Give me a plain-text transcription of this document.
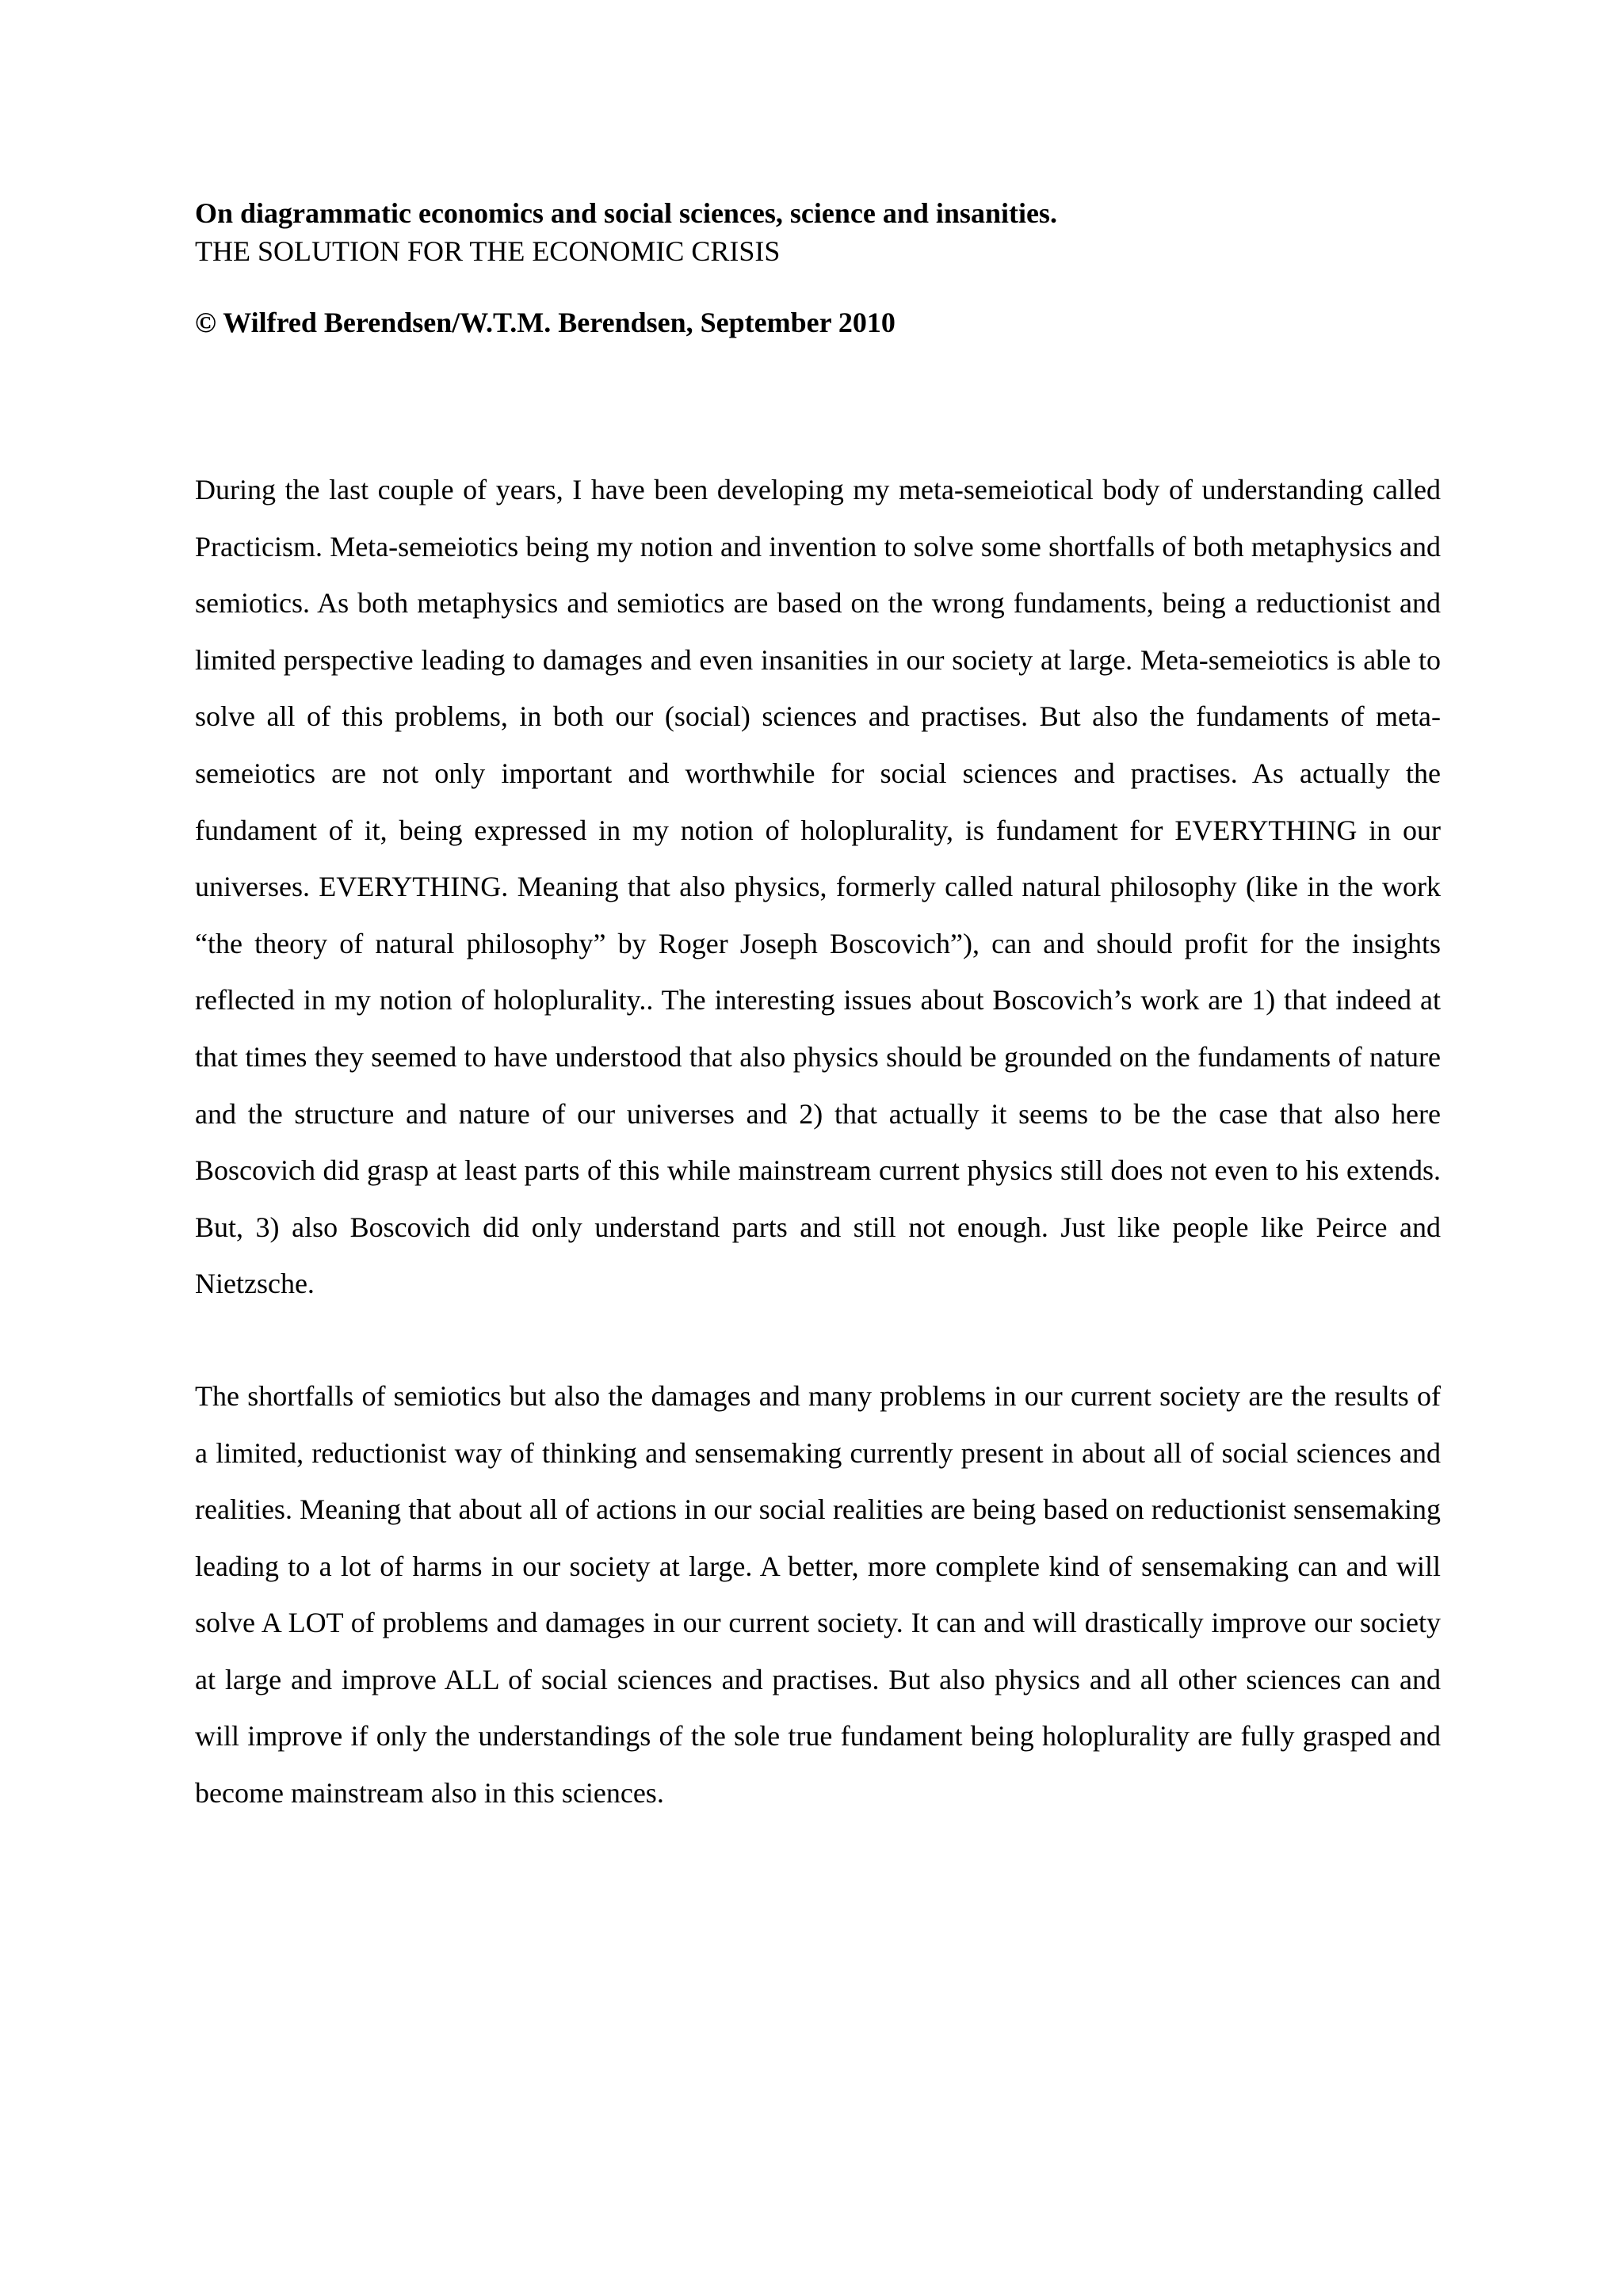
On diagrammatic economics and social sciences, science and insanities.

THE SOLUTION FOR THE ECONOMIC CRISIS

© Wilfred Berendsen/W.T.M. Berendsen, September 2010

During the last couple of years, I have been developing my meta-semeiotical body of understanding called Practicism. Meta-semeiotics being my notion and invention to solve some shortfalls of both metaphysics and semiotics. As both metaphysics and semiotics are based on the wrong fundaments, being a reductionist and limited perspective leading to damages and even insanities in our society at large. Meta-semeiotics is able to solve all of this problems, in both our (social) sciences and practises. But also the fundaments of meta-semeiotics are not only important and worthwhile for social sciences and practises. As actually the fundament of it, being expressed in my notion of holoplurality, is fundament for EVERYTHING in our universes. EVERYTHING. Meaning that also physics, formerly called natural philosophy (like in the work “the theory of natural philosophy” by Roger Joseph Boscovich”), can and should profit for the insights reflected in my notion of holoplurality.. The interesting issues about Boscovich’s work are 1) that indeed at that times they seemed to have understood that also physics should be grounded on the fundaments of nature and the structure and nature of our universes and 2) that actually it seems to be the case that also here Boscovich did grasp at least parts of this while mainstream current physics still does not even to his extends. But, 3) also Boscovich did only understand parts and still not enough. Just like people like Peirce and Nietzsche.

The shortfalls of semiotics but also the damages and many problems in our current society are the results of a limited, reductionist way of thinking and sensemaking currently present in about all of social sciences and realities. Meaning that about all of actions in our social realities are being based on reductionist sensemaking leading to a lot of harms in our society at large. A better, more complete kind of sensemaking can and will solve A LOT of problems and damages in our current society. It can and will drastically improve our society at large and improve ALL of social sciences and practises. But also physics and all other sciences can and will improve if only the understandings of the sole true fundament being holoplurality are fully grasped and become mainstream also in this sciences.
